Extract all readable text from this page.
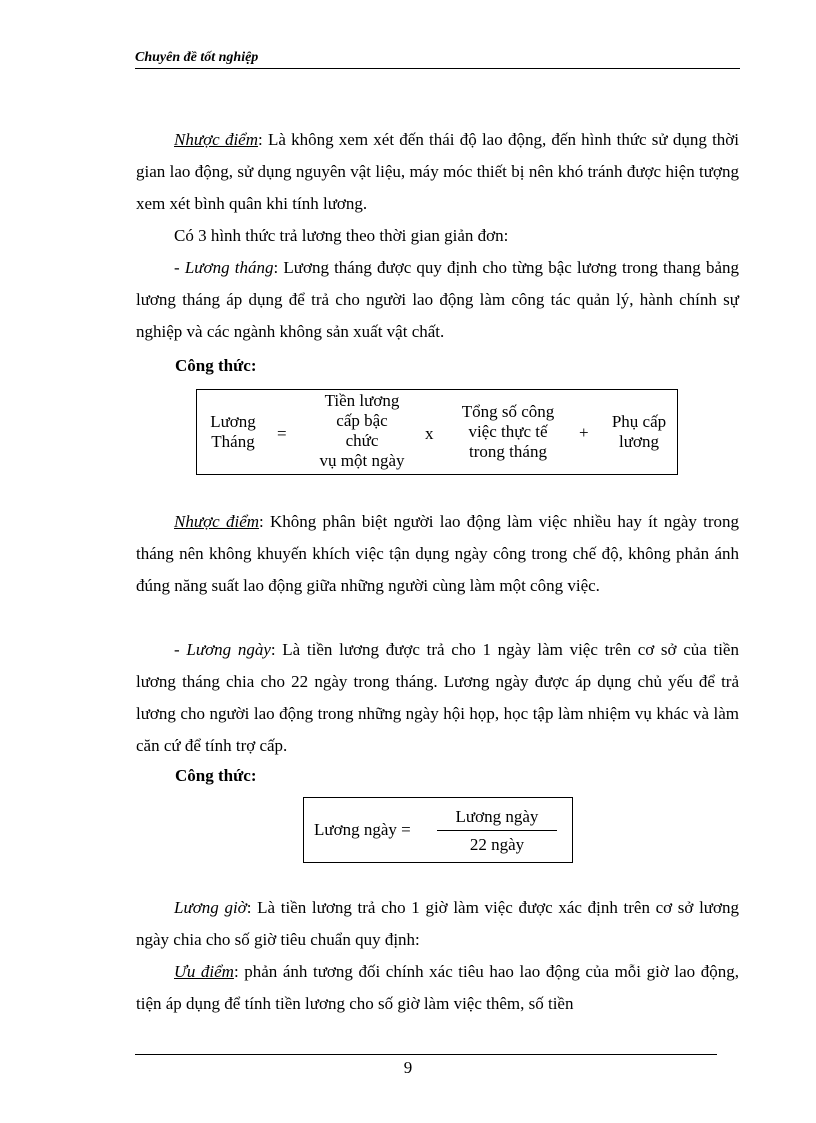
Chuyên đề tốt nghiệp
Nhược điểm: Là không xem xét đến thái độ lao động, đến hình thức sử dụng thời gian lao động, sử dụng nguyên vật liệu, máy móc thiết bị nên khó tránh được hiện tượng xem xét bình quân khi tính lương.
Có 3 hình thức trả lương theo thời gian giản đơn:
- Lương tháng: Lương tháng được quy định cho từng bậc lương trong thang bảng lương tháng áp dụng để trả cho người lao động làm công tác quản lý, hành chính sự nghiệp và các ngành không sản xuất vật chất.
Công thức:
Lương
Tháng	=
Tiền lương
cấp bậc
chức
vụ một ngày
x
Tổng số công
việc thực tế
trong tháng
+
Phụ cấp
lương
Nhược điểm: Không phân biệt người lao động làm việc nhiều hay ít ngày trong tháng nên không khuyến khích việc tận dụng ngày công trong chế độ, không phản ánh đúng năng suất lao động giữa những người cùng làm một công việc.
- Lương ngày: Là tiền lương được trả cho 1 ngày làm việc trên cơ sở của tiền lương tháng chia cho 22 ngày trong tháng. Lương ngày được áp dụng chủ yếu để trả lương cho người lao động trong những ngày hội họp, học tập làm nhiệm vụ khác và làm căn cứ để tính trợ cấp.
Công thức:
Lương ngày =
Lương ngày
22 ngày
Lương giờ: Là tiền lương trả cho 1 giờ làm việc được xác định trên cơ sở lương ngày chia cho số giờ tiêu chuẩn quy định:
Ưu điểm: phản ánh tương đối chính xác tiêu hao lao động của mỗi giờ lao động, tiện áp dụng để tính tiền lương cho số giờ làm việc thêm, số tiền
9
